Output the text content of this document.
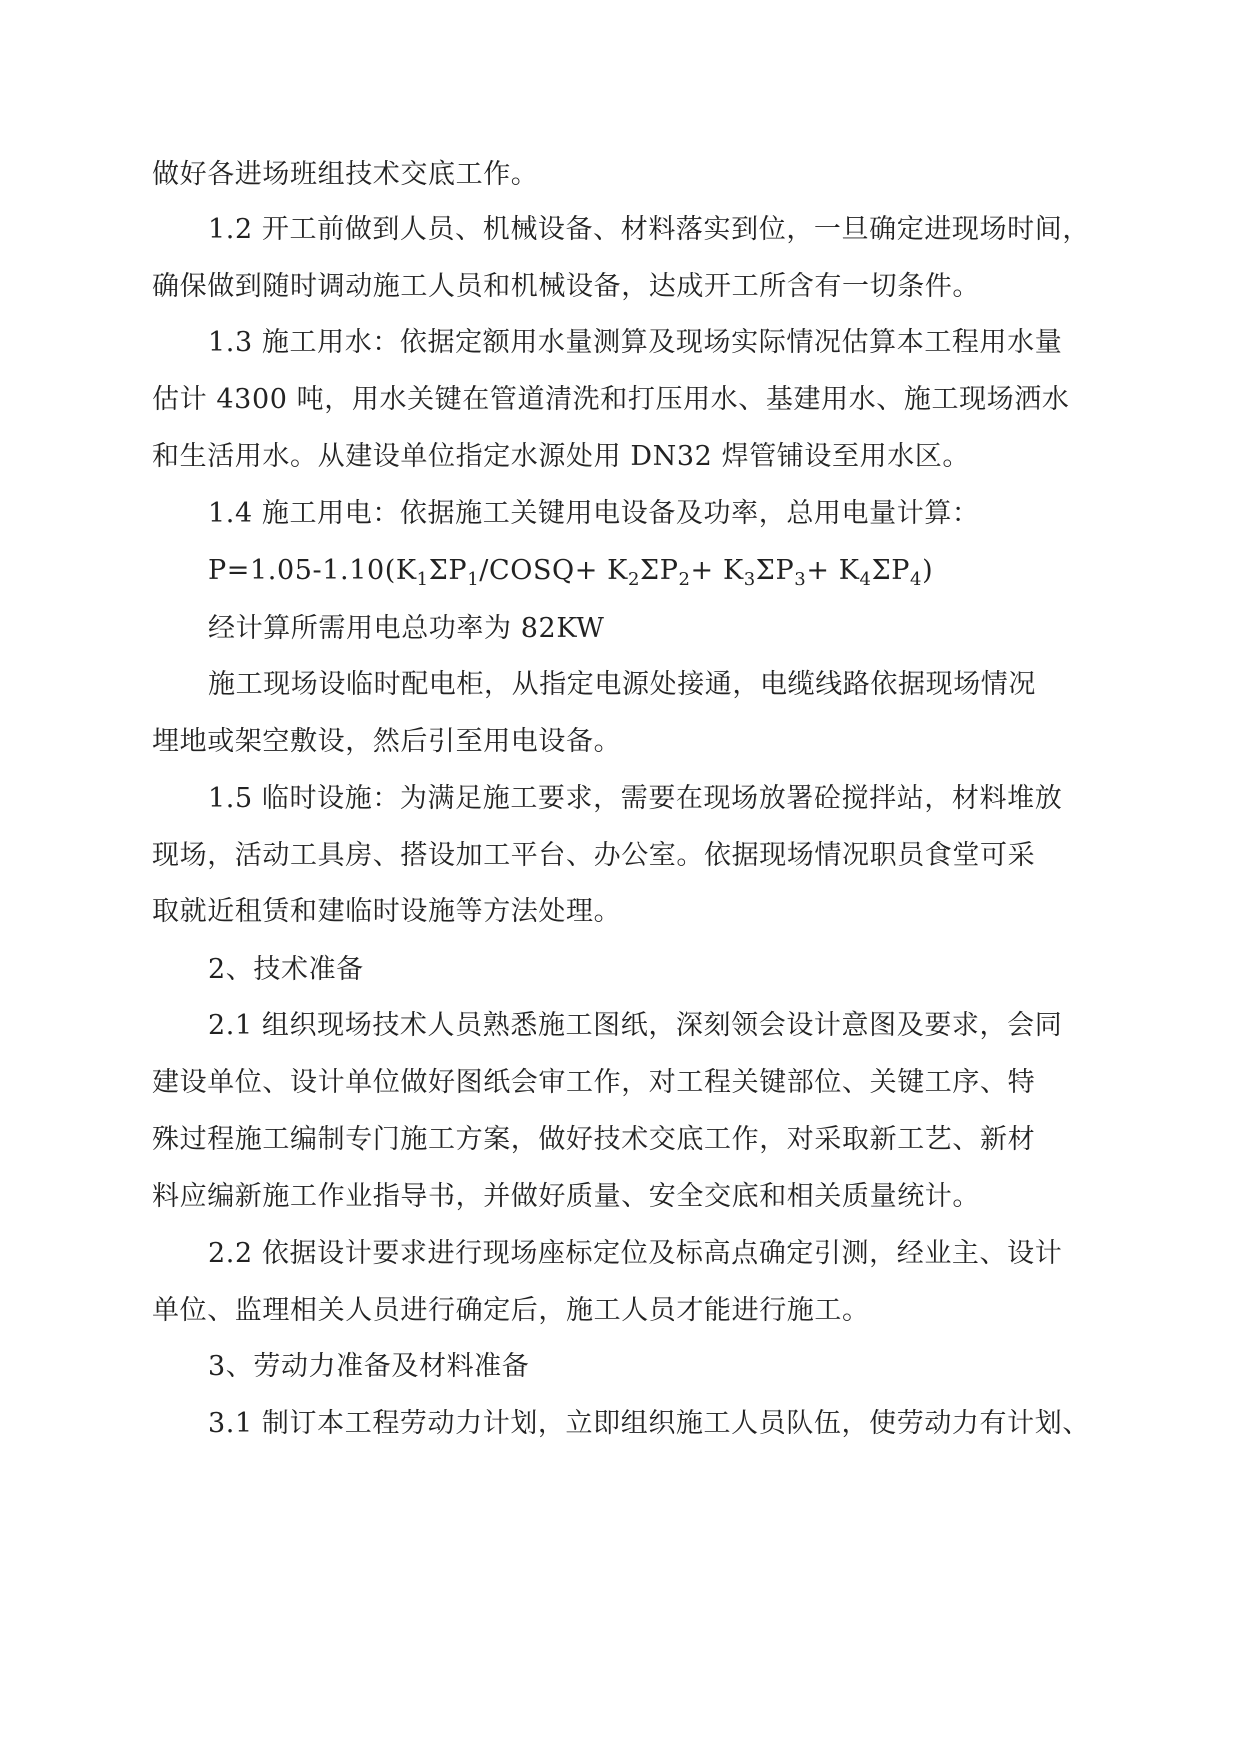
做好各进场班组技术交底工作。
1.2 开工前做到人员、机械设备、材料落实到位，一旦确定进现场时间，
确保做到随时调动施工人员和机械设备，达成开工所含有一切条件。
1.3 施工用水：依据定额用水量测算及现场实际情况估算本工程用水量
估计 4300 吨，用水关键在管道清洗和打压用水、基建用水、施工现场洒水
和生活用水。从建设单位指定水源处用 DN32 焊管铺设至用水区。
1.4 施工用电：依据施工关键用电设备及功率，总用电量计算：
$P=1.05-1.10(K_1\Sigma P_1/COSQ+ K_2\Sigma P_2+ K_3\Sigma P_3+ K_4\Sigma P_4)$
经计算所需用电总功率为 82KW
施工现场设临时配电柜，从指定电源处接通，电缆线路依据现场情况
埋地或架空敷设，然后引至用电设备。
1.5 临时设施：为满足施工要求，需要在现场放署砼搅拌站，材料堆放
现场，活动工具房、搭设加工平台、办公室。依据现场情况职员食堂可采
取就近租赁和建临时设施等方法处理。
2、技术准备
2.1 组织现场技术人员熟悉施工图纸，深刻领会设计意图及要求，会同
建设单位、设计单位做好图纸会审工作，对工程关键部位、关键工序、特
殊过程施工编制专门施工方案，做好技术交底工作，对采取新工艺、新材
料应编新施工作业指导书，并做好质量、安全交底和相关质量统计。
2.2 依据设计要求进行现场座标定位及标高点确定引测，经业主、设计
单位、监理相关人员进行确定后，施工人员才能进行施工。
3、劳动力准备及材料准备
3.1 制订本工程劳动力计划，立即组织施工人员队伍，使劳动力有计划、
